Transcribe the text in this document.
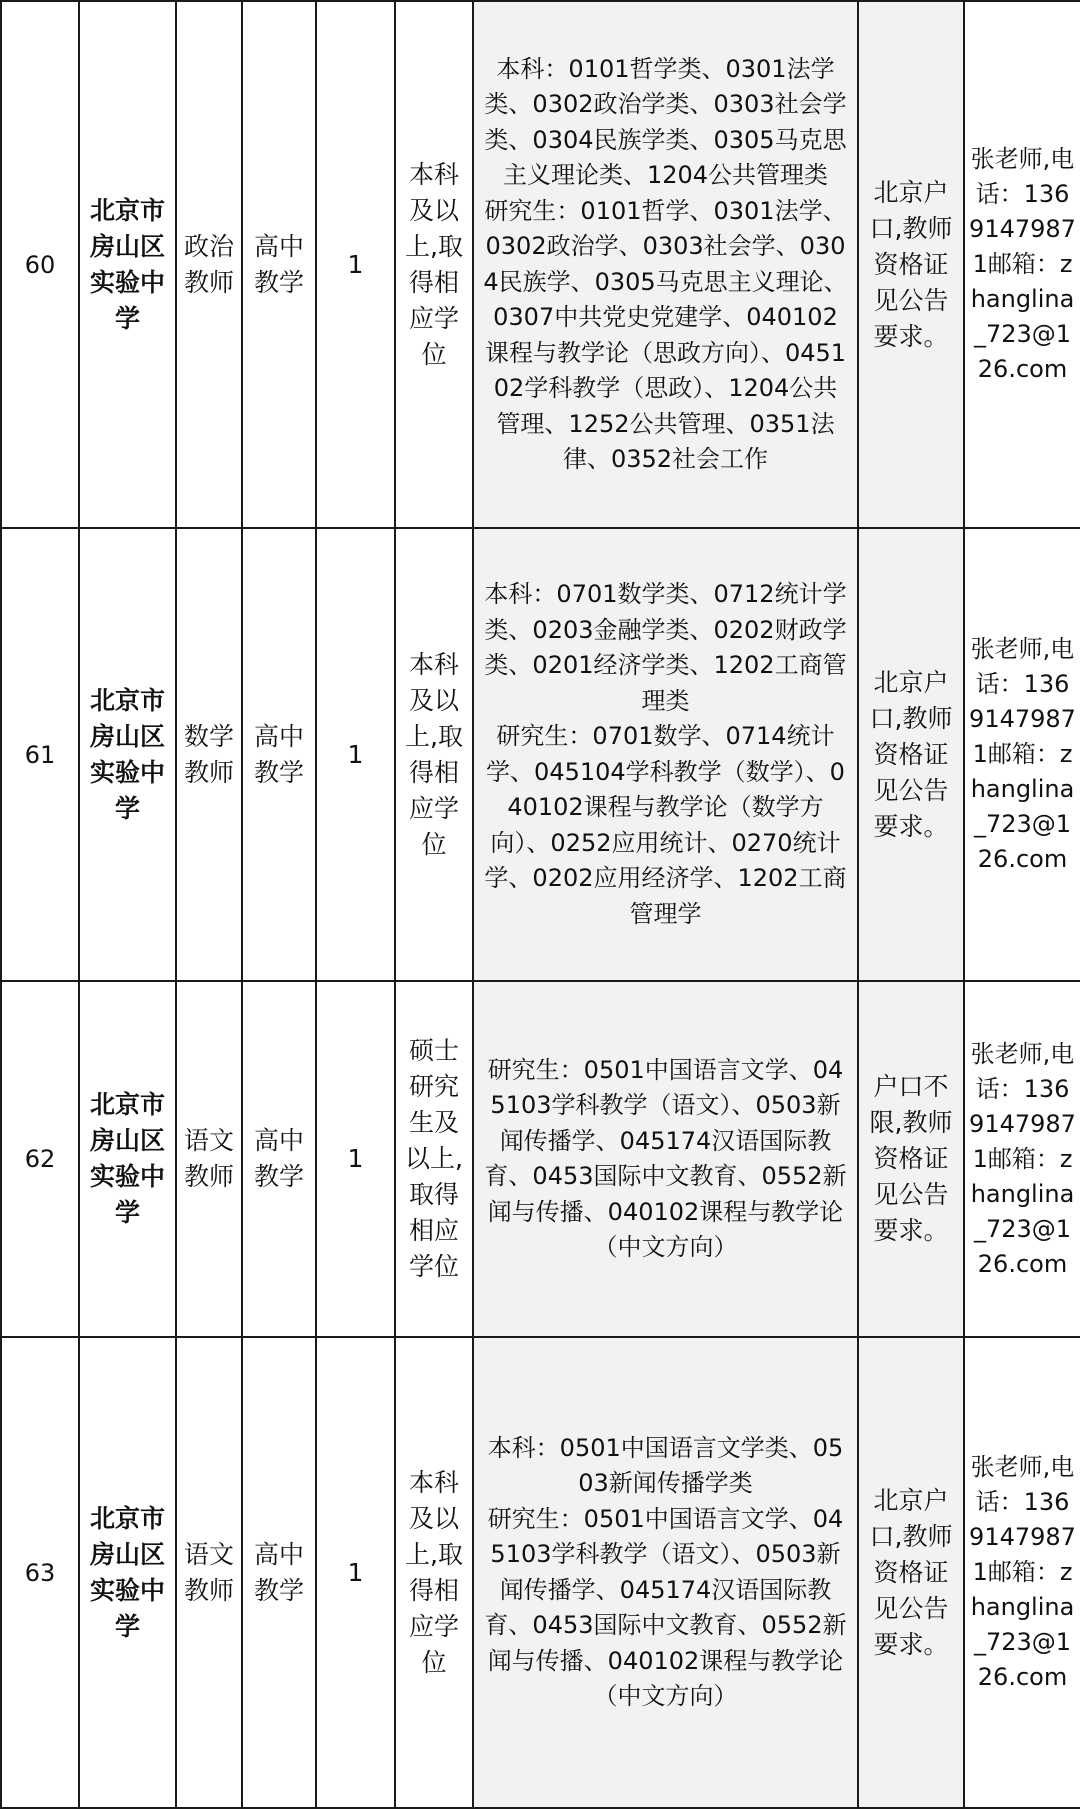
60	北京市房山区实验中学	政治教师	高中教学	1	本科及以上,取得相应学位	本科：0101哲学类、0301法学类、0302政治学类、0303社会学类、0304民族学类、0305马克思主义理论类、1204公共管理类
研究生：0101哲学、0301法学、0302政治学、0303社会学、0304民族学、0305马克思主义理论、0307中共党史党建学、040102课程与教学论（思政方向）、045102学科教学（思政）、1204公共管理、1252公共管理、0351法律、0352社会工作	北京户口,教师资格证见公告要求。	张老师,电话：13691479871邮箱：zhanglina_723@126.com
61	北京市房山区实验中学	数学教师	高中教学	1	本科及以上,取得相应学位	本科：0701数学类、0712统计学类、0203金融学类、0202财政学类、0201经济学类、1202工商管理类
研究生：0701数学、0714统计学、045104学科教学（数学）、040102课程与教学论（数学方向）、0252应用统计、0270统计学、0202应用经济学、1202工商管理学	北京户口,教师资格证见公告要求。	张老师,电话：13691479871邮箱：zhanglina_723@126.com
62	北京市房山区实验中学	语文教师	高中教学	1	硕士研究生及以上,取得相应学位	研究生：0501中国语言文学、045103学科教学（语文）、0503新闻传播学、045174汉语国际教育、0453国际中文教育、0552新闻与传播、040102课程与教学论（中文方向）	户口不限,教师资格证见公告要求。	张老师,电话：13691479871邮箱：zhanglina_723@126.com
63	北京市房山区实验中学	语文教师	高中教学	1	本科及以上,取得相应学位	本科：0501中国语言文学类、0503新闻传播学类
研究生：0501中国语言文学、045103学科教学（语文）、0503新闻传播学、045174汉语国际教育、0453国际中文教育、0552新闻与传播、040102课程与教学论（中文方向）	北京户口,教师资格证见公告要求。	张老师,电话：13691479871邮箱：zhanglina_723@126.com
